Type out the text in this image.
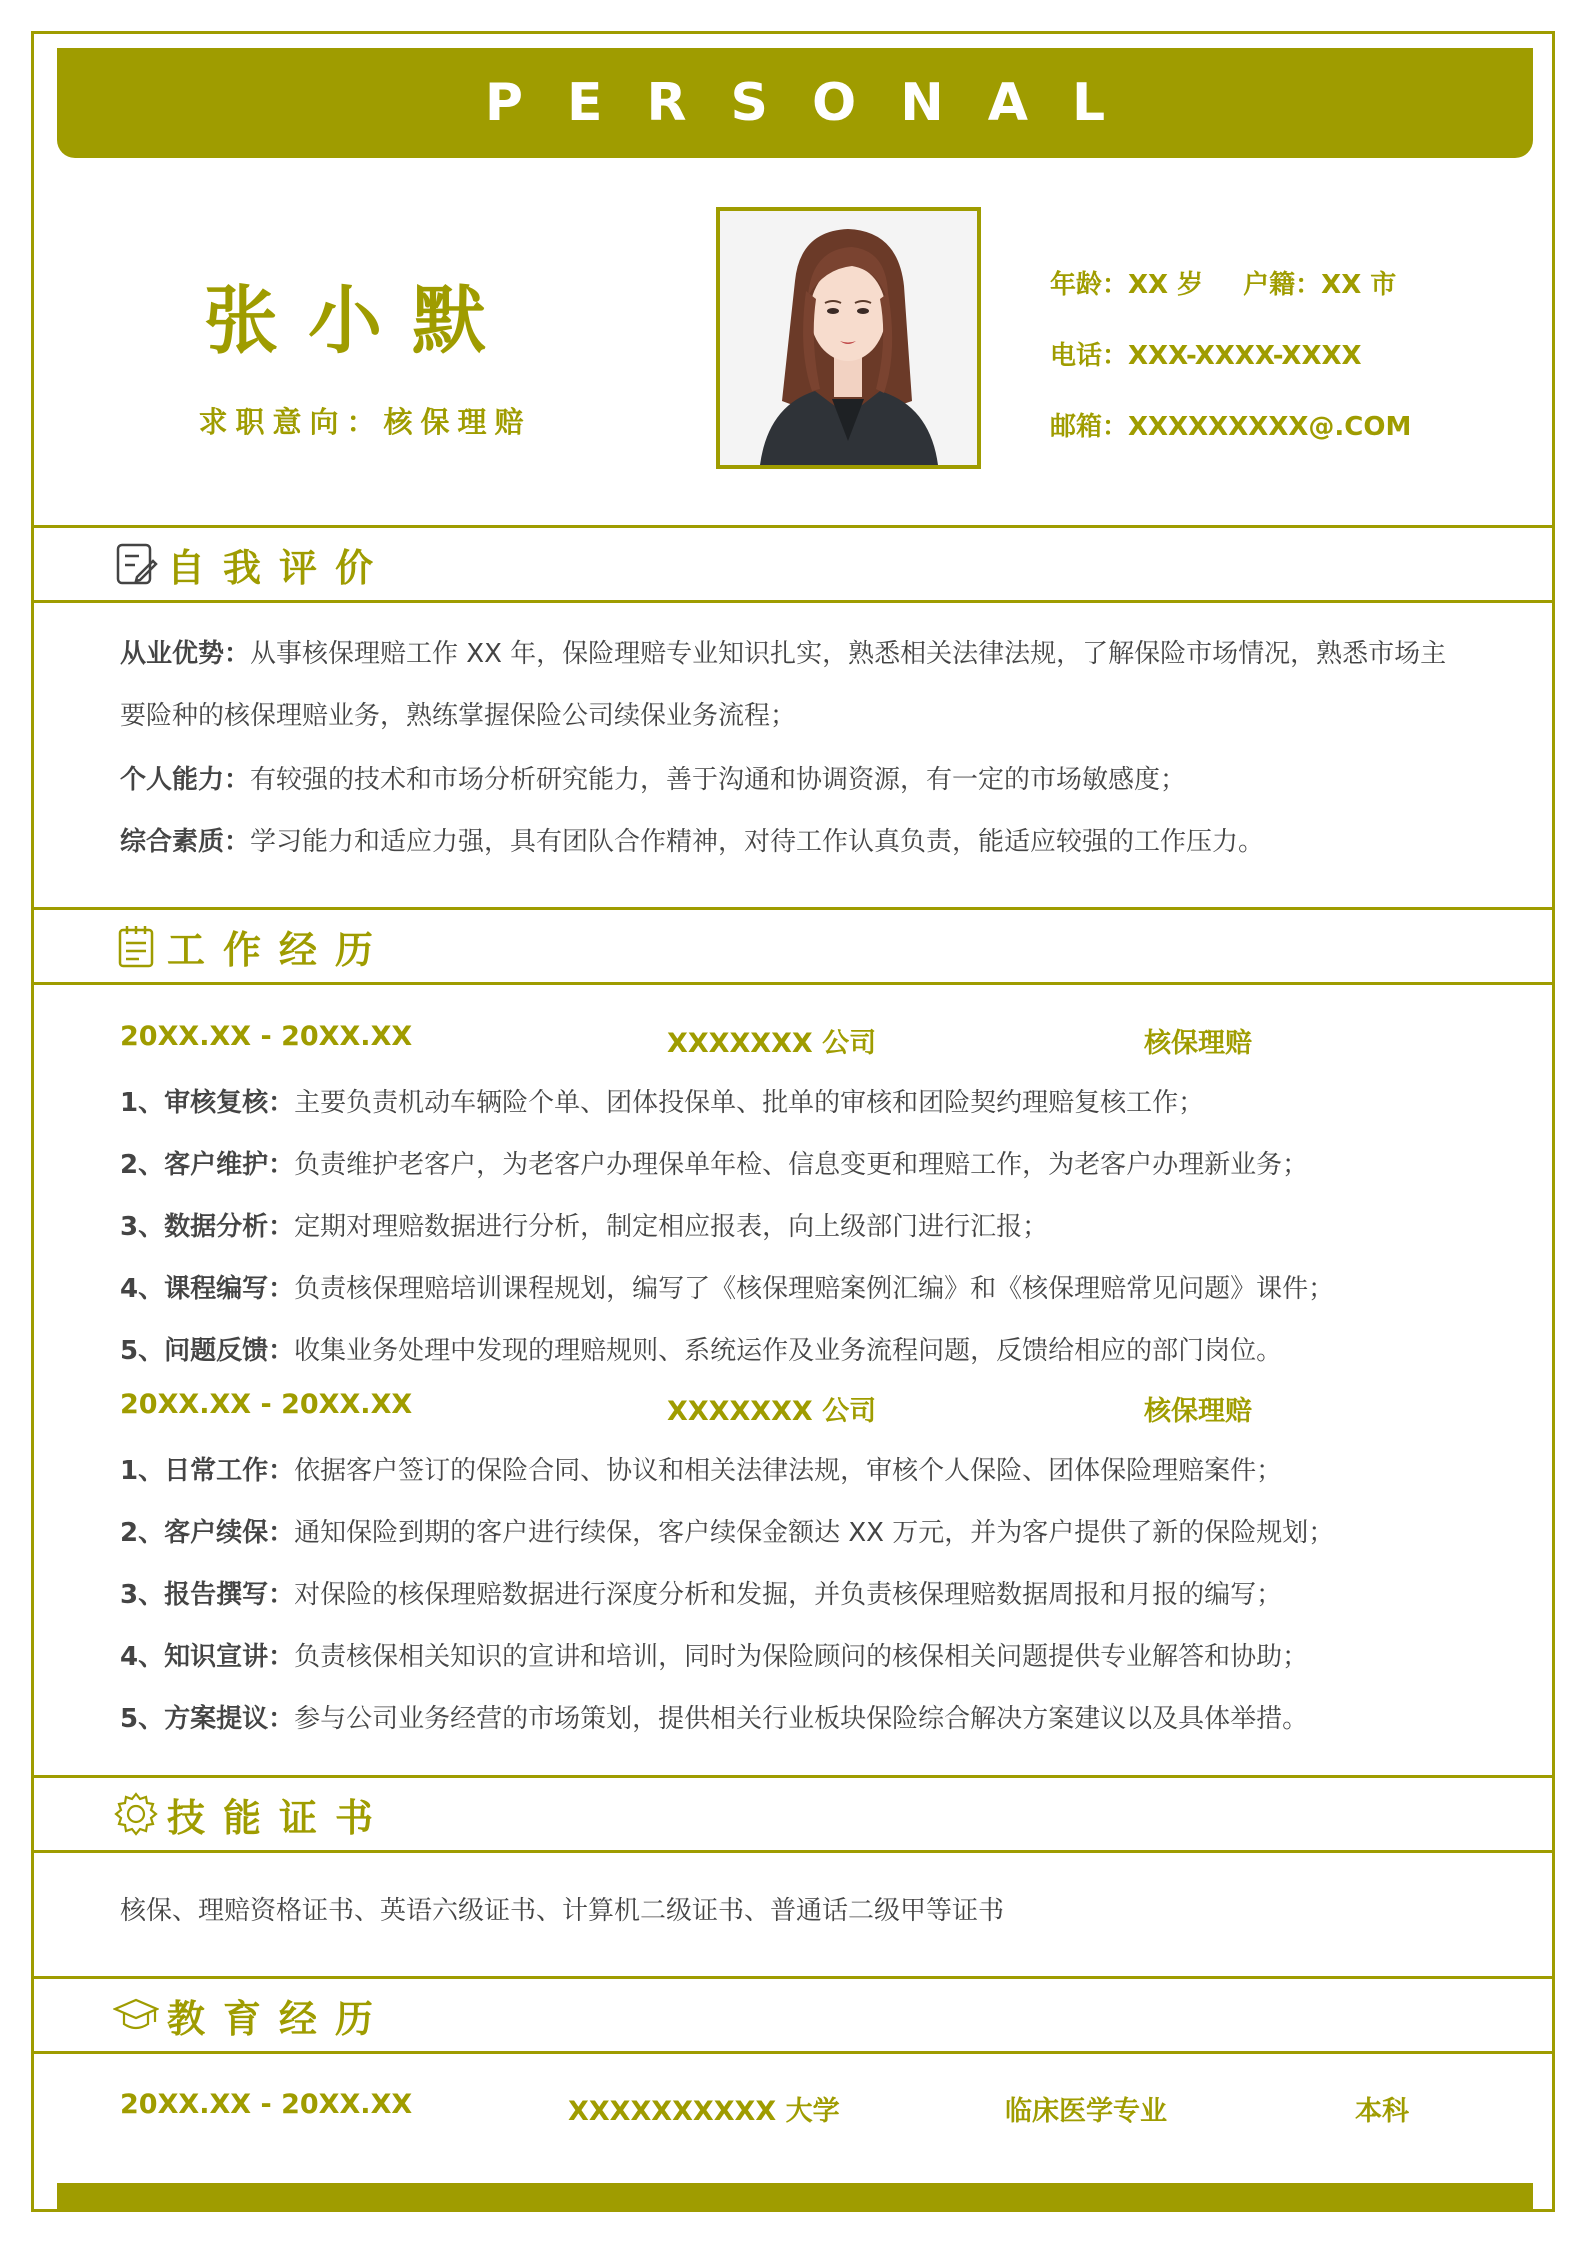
PERSONAL
张小默
求职意向：核保理赔
年龄：XX 岁 户籍：XX 市
电话：XXX-XXXX-XXXX
邮箱：XXXXXXXXX@.COM
自我评价
从业优势：从事核保理赔工作 XX 年，保险理赔专业知识扎实，熟悉相关法律法规，了解保险市场情况，熟悉市场主要险种的核保理赔业务，熟练掌握保险公司续保业务流程；
个人能力：有较强的技术和市场分析研究能力，善于沟通和协调资源，有一定的市场敏感度；
综合素质：学习能力和适应力强，具有团队合作精神，对待工作认真负责，能适应较强的工作压力。
工作经历
20XX.XX - 20XX.XX	XXXXXXX 公司	核保理赔
1、审核复核：主要负责机动车辆险个单、团体投保单、批单的审核和团险契约理赔复核工作；
2、客户维护：负责维护老客户，为老客户办理保单年检、信息变更和理赔工作，为老客户办理新业务；
3、数据分析：定期对理赔数据进行分析，制定相应报表，向上级部门进行汇报；
4、课程编写：负责核保理赔培训课程规划，编写了《核保理赔案例汇编》和《核保理赔常见问题》课件；
5、问题反馈：收集业务处理中发现的理赔规则、系统运作及业务流程问题，反馈给相应的部门岗位。
20XX.XX - 20XX.XX	XXXXXXX 公司	核保理赔
1、日常工作：依据客户签订的保险合同、协议和相关法律法规，审核个人保险、团体保险理赔案件；
2、客户续保：通知保险到期的客户进行续保，客户续保金额达 XX 万元，并为客户提供了新的保险规划；
3、报告撰写：对保险的核保理赔数据进行深度分析和发掘，并负责核保理赔数据周报和月报的编写；
4、知识宣讲：负责核保相关知识的宣讲和培训，同时为保险顾问的核保相关问题提供专业解答和协助；
5、方案提议：参与公司业务经营的市场策划，提供相关行业板块保险综合解决方案建议以及具体举措。
技能证书
核保、理赔资格证书、英语六级证书、计算机二级证书、普通话二级甲等证书
教育经历
20XX.XX - 20XX.XX	XXXXXXXXXX 大学	临床医学专业	本科
